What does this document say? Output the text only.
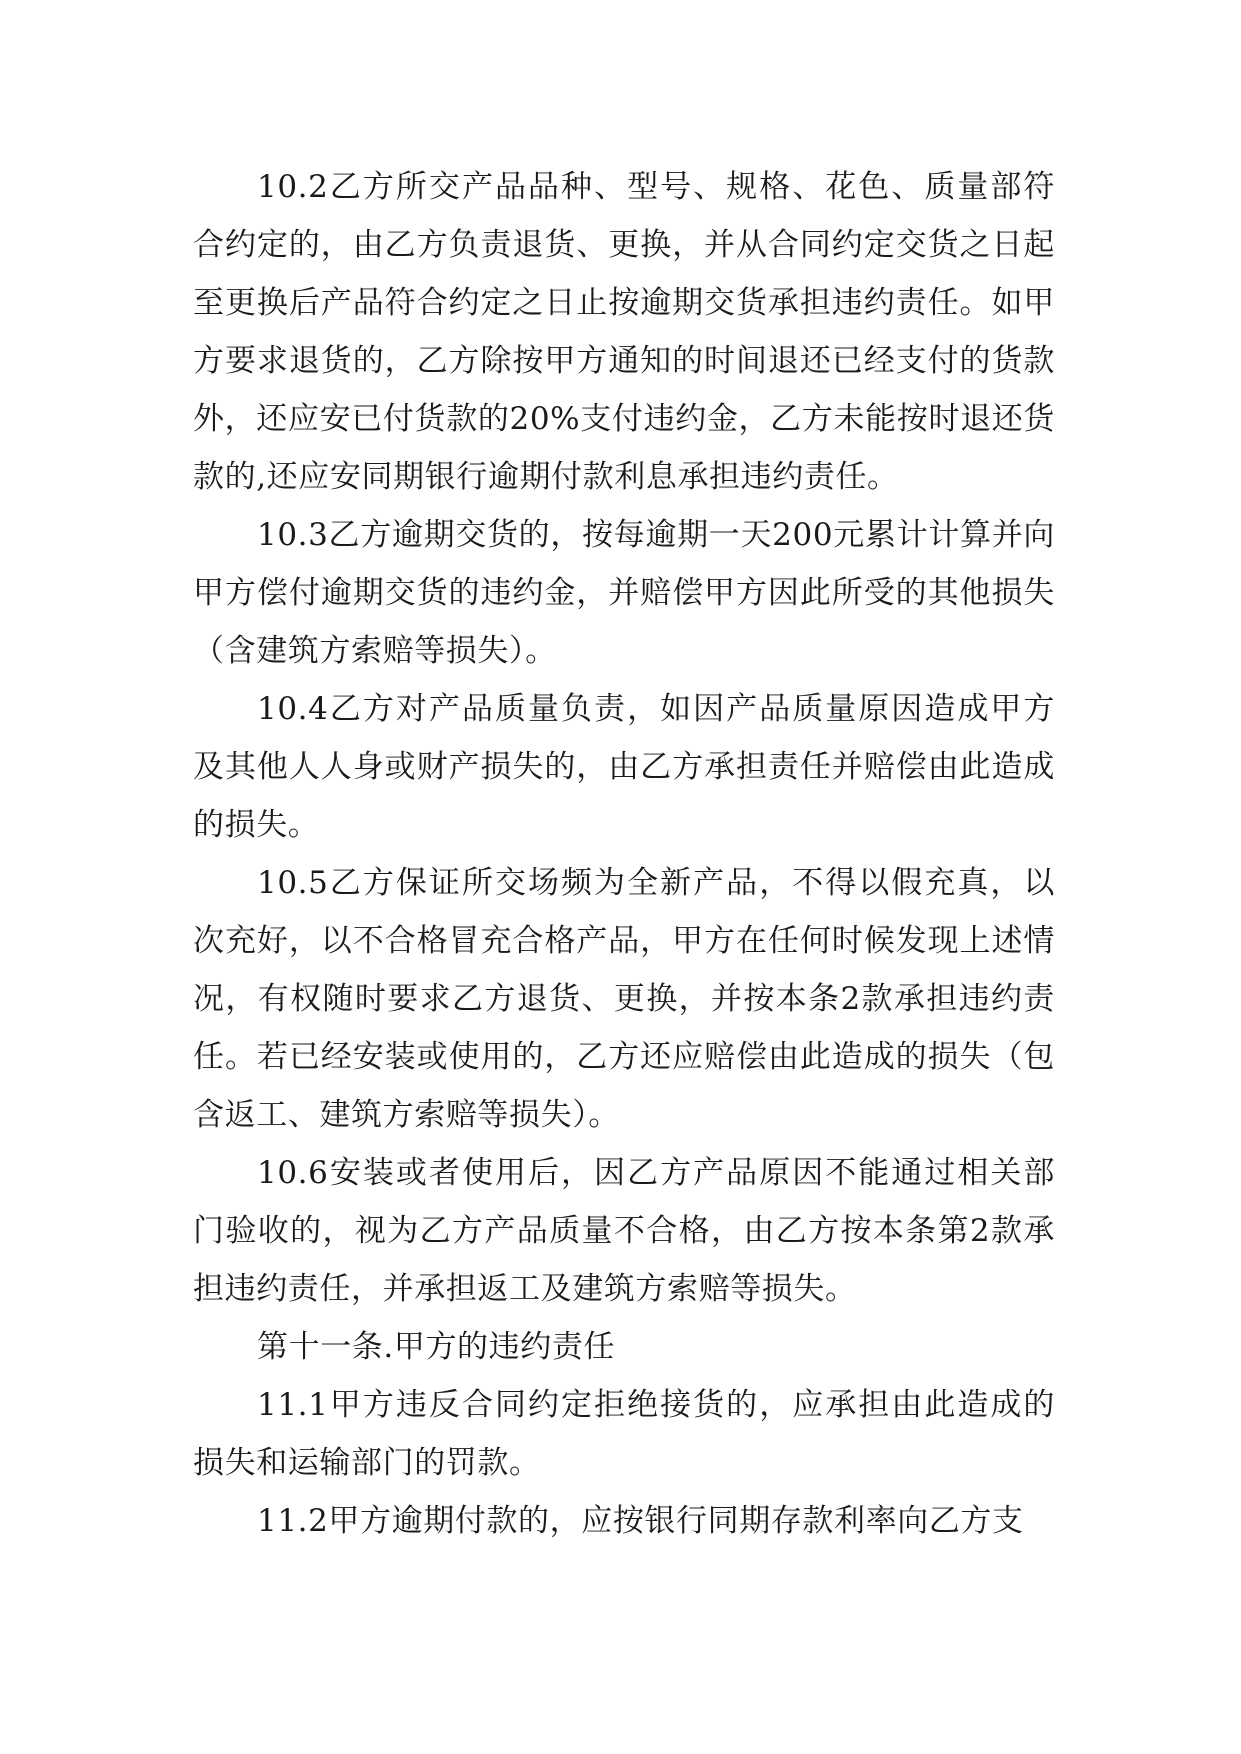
10.2乙方所交产品品种、型号、规格、花色、质量部符合约定的，由乙方负责退货、更换，并从合同约定交货之日起至更换后产品符合约定之日止按逾期交货承担违约责任。如甲方要求退货的，乙方除按甲方通知的时间退还已经支付的货款外，还应安已付货款的20%支付违约金，乙方未能按时退还货款的,还应安同期银行逾期付款利息承担违约责任。

10.3乙方逾期交货的，按每逾期一天200元累计计算并向甲方偿付逾期交货的违约金，并赔偿甲方因此所受的其他损失（含建筑方索赔等损失）。

10.4乙方对产品质量负责，如因产品质量原因造成甲方及其他人人身或财产损失的，由乙方承担责任并赔偿由此造成的损失。

10.5乙方保证所交场频为全新产品，不得以假充真，以次充好，以不合格冒充合格产品，甲方在任何时候发现上述情况，有权随时要求乙方退货、更换，并按本条2款承担违约责任。若已经安装或使用的，乙方还应赔偿由此造成的损失（包含返工、建筑方索赔等损失）。

10.6安装或者使用后，因乙方产品原因不能通过相关部门验收的，视为乙方产品质量不合格，由乙方按本条第2款承担违约责任，并承担返工及建筑方索赔等损失。

第十一条.甲方的违约责任

11.1甲方违反合同约定拒绝接货的，应承担由此造成的损失和运输部门的罚款。

11.2甲方逾期付款的，应按银行同期存款利率向乙方支
